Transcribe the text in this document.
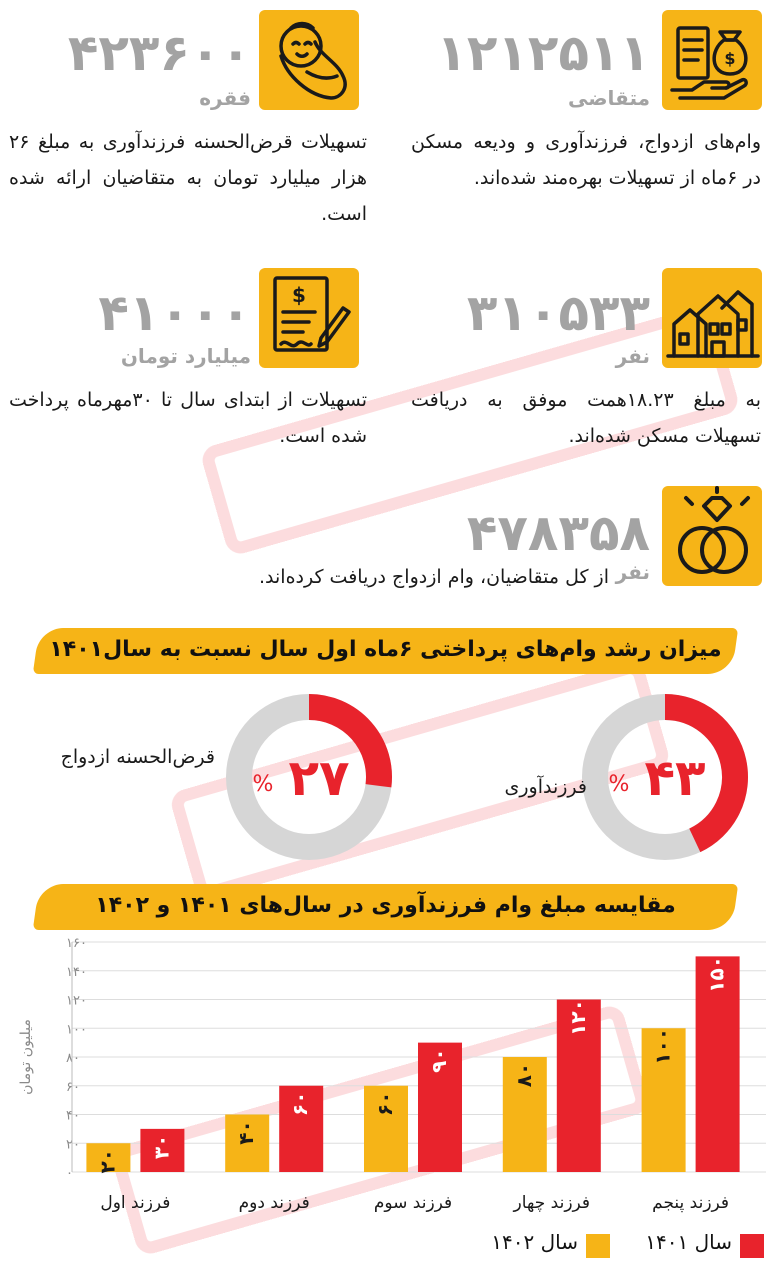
$
۱۲۱۲۵۱۱
متقاضی
وام‌های ازدواج، فرزندآوری و ودیعه مسکن در ۶ماه از تسهیلات بهره‌مند شده‌اند.
۴۲۳۶۰۰
فقره
تسهیلات قرض‌الحسنه فرزندآوری به مبلغ ۲۶ هزار میلیارد تومان به متقاضیان ارائه شده است.
۳۱۰۵۳۳
نفر
به مبلغ ۱۸.۲۳همت موفق به دریافت تسهیلات مسکن شده‌اند.
$
۴۱۰۰۰
میلیارد تومان
تسهیلات از ابتدای سال تا ۳۰مهرماه پرداخت شده است.
۴۷۸۳۵۸
نفر
از کل متقاضیان، وام ازدواج دریافت کرده‌اند.
میزان رشد وام‌های پرداختی ۶ماه اول سال نسبت به سال۱۴۰۱
۴۳
%
فرزندآوری
۲۷
%
قرض‌الحسنه ازدواج
مقایسه مبلغ وام فرزندآوری در سال‌های ۱۴۰۱ و ۱۴۰۲
۰
۲۰
۴۰
۶۰
۸۰
۱۰۰
۱۲۰
۱۴۰
۱۶۰
میلیون تومان
۲۰
۳۰
فرزند اول
۴۰
۶۰
فرزند دوم
۶۰
۹۰
فرزند سوم
۸۰
۱۲۰
فرزند چهار
۱۰۰
۱۵۰
فرزند پنجم
سال ۱۴۰۱
سال ۱۴۰۲
